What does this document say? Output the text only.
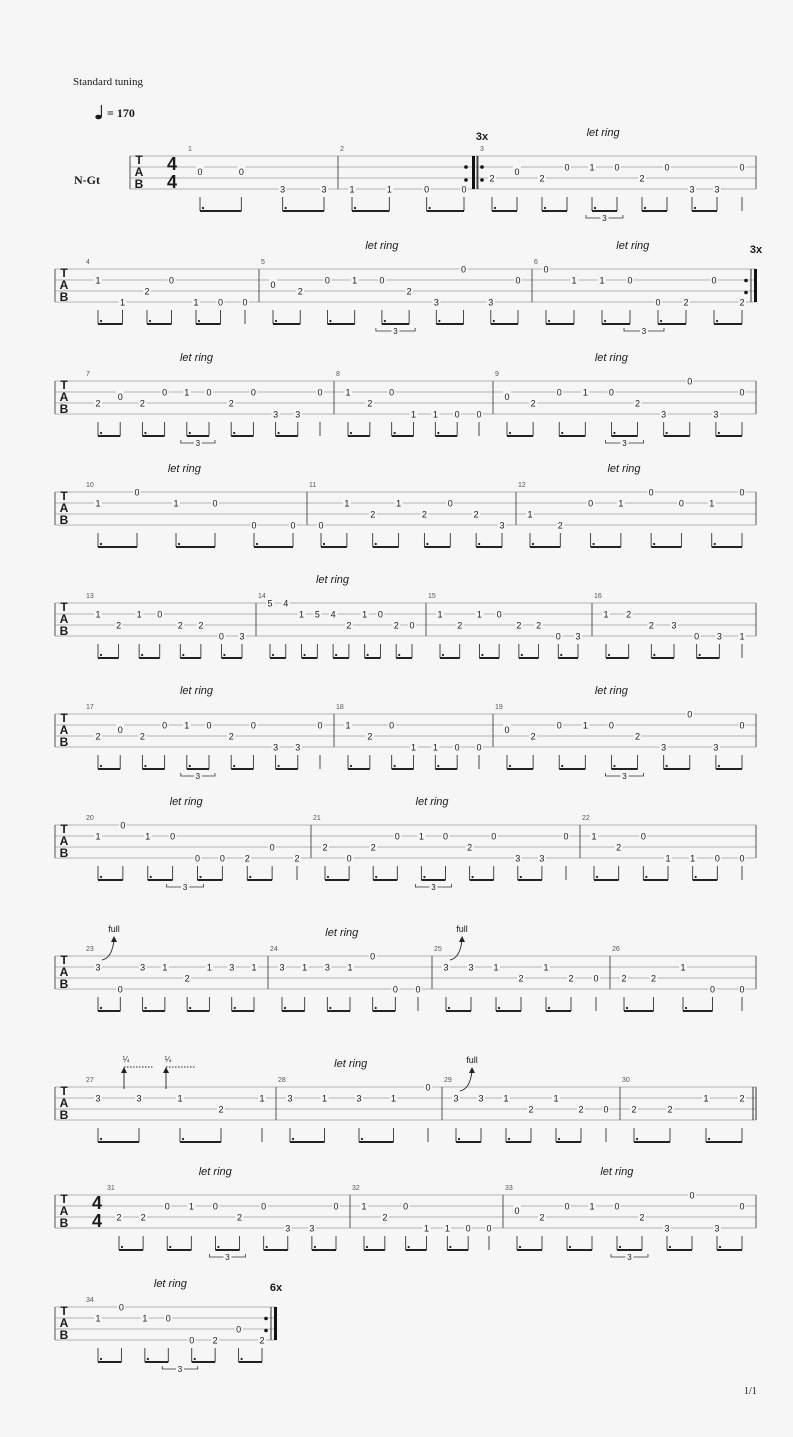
Standard tuning
= 170
N-Gt
1/1
T
A
B
4
4
1
0	0
3	3
2
1	1	0	0
3
3x
2
0
2
0 1 0
2
0
3 3
0
let ring
3
T
A
B
4
1
1
2
0
1 0 0
5
0
2
0 1 0
2
3
0
3
0
let ring
3
6
3x
0
1	1	0
0	2
0
2
let ring
3
T
A
B
7
2
0
2
0 1 0
2
0
3 3
0
let ring
3
8
1
2
0
1 1 0 0
9
0
2
0 1 0
2
3
0
3
0
let ring
3
T
A
B
10
1
0
1	0
0	0
let ring
11
0
1
2
1
2
0
2
3
12
1
2
0	1
0
0	1
0
let ring
T
A
B
13
1
2
1 0
2 2
0 3
14
5 4
1 5 4
2
1 0
2 0
let ring
15
1
2
1 0
2 2
0 3
16
1 2
2 3
0 3 1
T
A
B
17
2
0
2
0 1 0
2
0
3 3
0
let ring
3
18
1
2
0
1 1 0 0
19
0
2
0 1 0
2
3
0
3
0
let ring
3
T
A
B
20
1
0
1 0
0 0 2
0
2
let ring
3
21
2
0
2
0 1 0
2
0
3 3
0
let ring
3
22
1
2
0
1 1 0 0
T
A
B
23
3
0
3 1
2
1 3 1
full
24
3 1 3 1
0
0 0
let ring
25
3 3 1
2
1
2 0
full
26
2	2
1
0	0
T
A
B
27
3	3	1
2
1
¼	¼
28
3	1	3	1
0
let ring
29
3 3 1
2
1
2 0
full
30
2	2
1	2
T
A
B
4
4
31
2 2
0 1 0
2
0
3 3
0
let ring
3
32
1
2
0
1 1 0 0
33
0
2
0 1 0
2
3
0
3
0
let ring
3
T
A
B
34
6x
1
0
1 0
0 2
0
2
let ring
3
